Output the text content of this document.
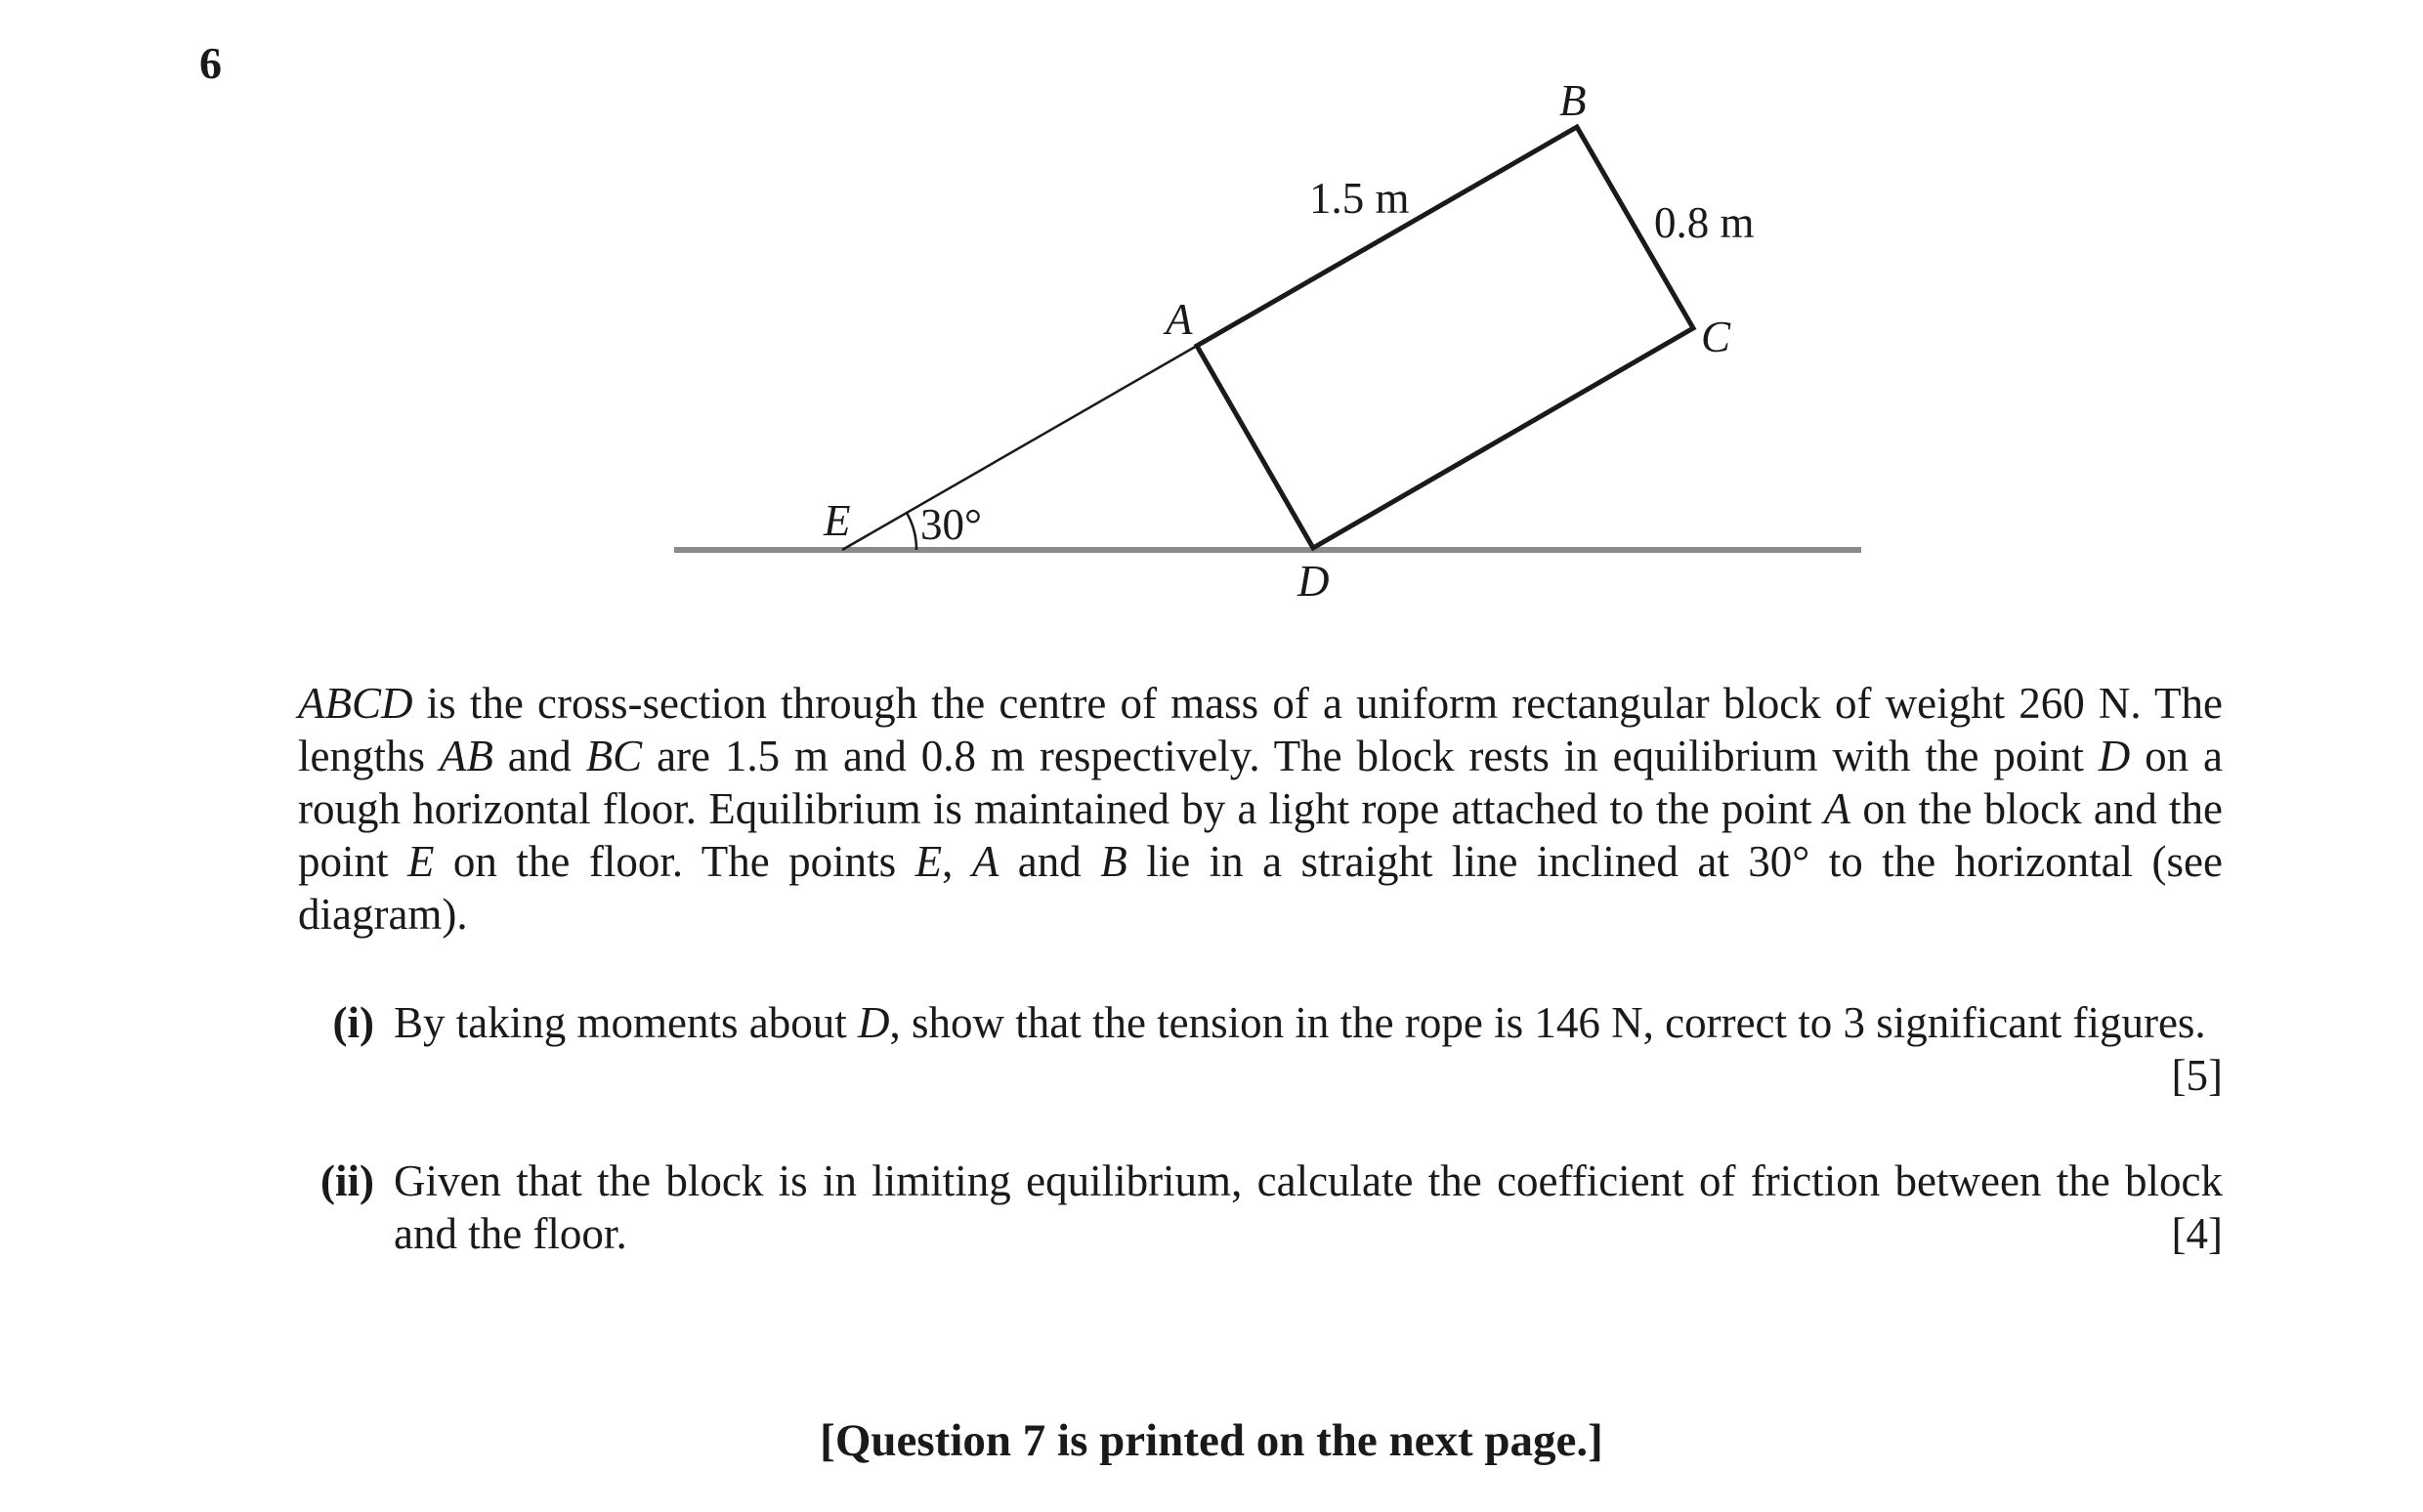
6
B
1.5 m	0.8 m
A	C
E 30°
D
ABCD is the cross-section through the centre of mass of a uniform rectangular block of weight 260 N. The lengths AB and BC are 1.5 m and 0.8 m respectively. The block rests in equilibrium with the point D on a rough horizontal floor. Equilibrium is maintained by a light rope attached to the point A on the block and the point E on the floor. The points E, A and B lie in a straight line inclined at 30° to the horizontal (see diagram).
(i) By taking moments about D, show that the tension in the rope is 146 N, correct to 3 significant figures.
[5]
(ii) Given that the block is in limiting equilibrium, calculate the coefficient of friction between the block and the floor.	[4]
[Question 7 is printed on the next page.]
